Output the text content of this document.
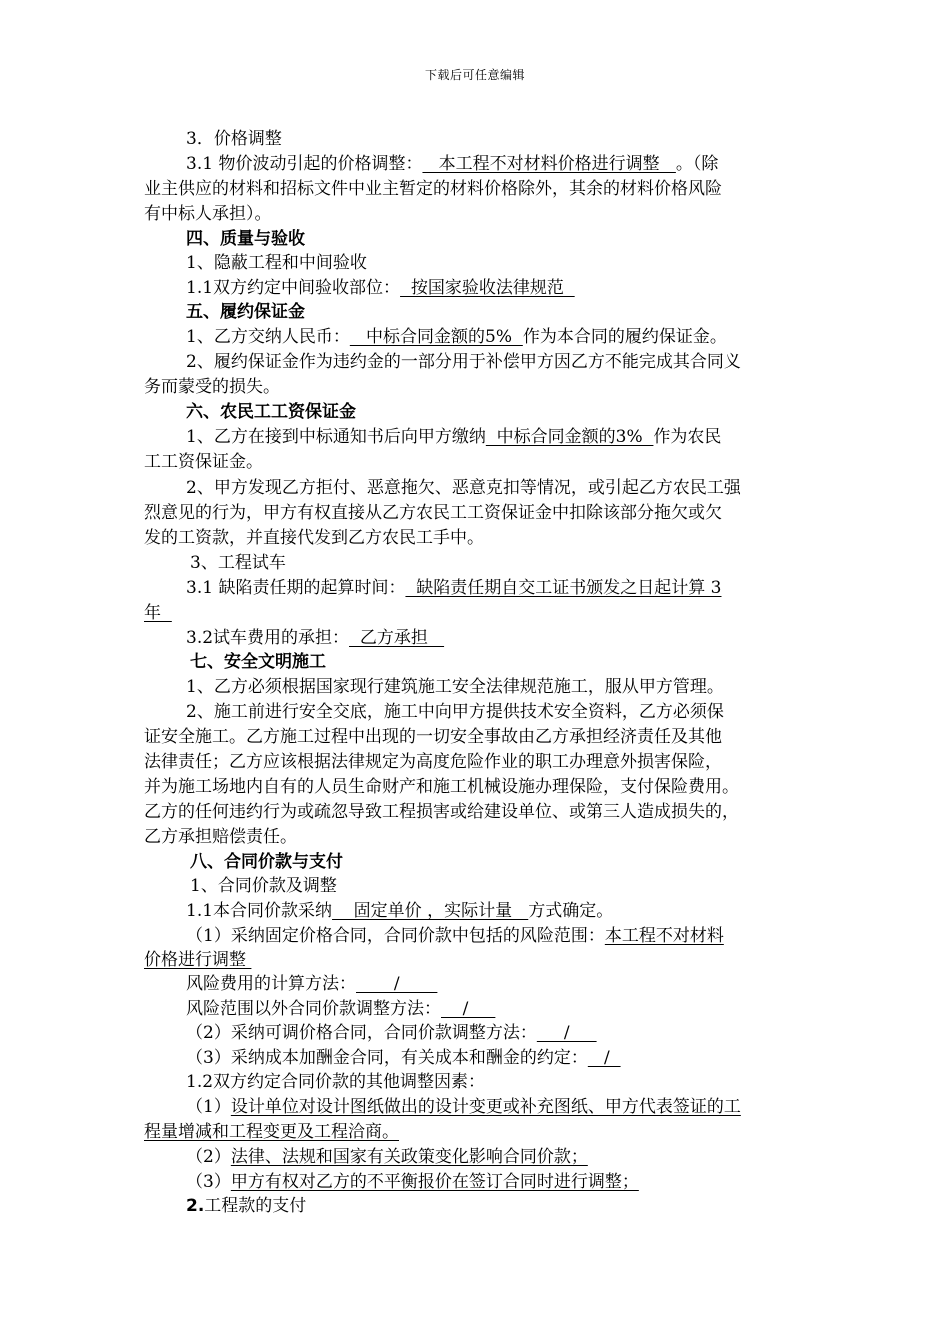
下载后可任意编辑
3．价格调整
3.1 物价波动引起的价格调整：   本工程不对材料价格进行调整   。（除
业主供应的材料和招标文件中业主暂定的材料价格除外，其余的材料价格风险
有中标人承担）。
四、质量与验收
1、隐蔽工程和中间验收
1.1双方约定中间验收部位：  按国家验收法律规范
五、履约保证金
1、乙方交纳人民币：   中标合同金额的5%  作为本合同的履约保证金。
2、履约保证金作为违约金的一部分用于补偿甲方因乙方不能完成其合同义
务而蒙受的损失。
六、农民工工资保证金
1、乙方在接到中标通知书后向甲方缴纳  中标合同金额的3%  作为农民
工工资保证金。
2、甲方发现乙方拒付、恶意拖欠、恶意克扣等情况，或引起乙方农民工强
烈意见的行为，甲方有权直接从乙方农民工工资保证金中扣除该部分拖欠或欠
发的工资款，并直接代发到乙方农民工手中。
3、工程试车
3.1 缺陷责任期的起算时间：  缺陷责任期自交工证书颁发之日起计算 3
年
3.2试车费用的承担：  乙方承担
七、安全文明施工
1、乙方必须根据国家现行建筑施工安全法律规范施工，服从甲方管理。
2、施工前进行安全交底，施工中向甲方提供技术安全资料，乙方必须保
证安全施工。乙方施工过程中出现的一切安全事故由乙方承担经济责任及其他
法律责任；乙方应该根据法律规定为高度危险作业的职工办理意外损害保险，
并为施工场地内自有的人员生命财产和施工机械设施办理保险，支付保险费用。
乙方的任何违约行为或疏忽导致工程损害或给建设单位、或第三人造成损失的，
乙方承担赔偿责任。
八、合同价款与支付
1、合同价款及调整
1.1本合同价款采纳    固定单价 ，实际计量   方式确定。
（1）采纳固定价格合同，合同价款中包括的风险范围：本工程不对材料
价格进行调整
风险费用的计算方法：       /
风险范围以外合同价款调整方法：    /
（2）采纳可调价格合同，合同价款调整方法：     /
（3）采纳成本加酬金合同，有关成本和酬金的约定：   /
1.2双方约定合同价款的其他调整因素：
（1）设计单位对设计图纸做出的设计变更或补充图纸、甲方代表签证的工
程量增减和工程变更及工程洽商。
（2）法律、法规和国家有关政策变化影响合同价款；
（3）甲方有权对乙方的不平衡报价在签订合同时进行调整；
2.工程款的支付
